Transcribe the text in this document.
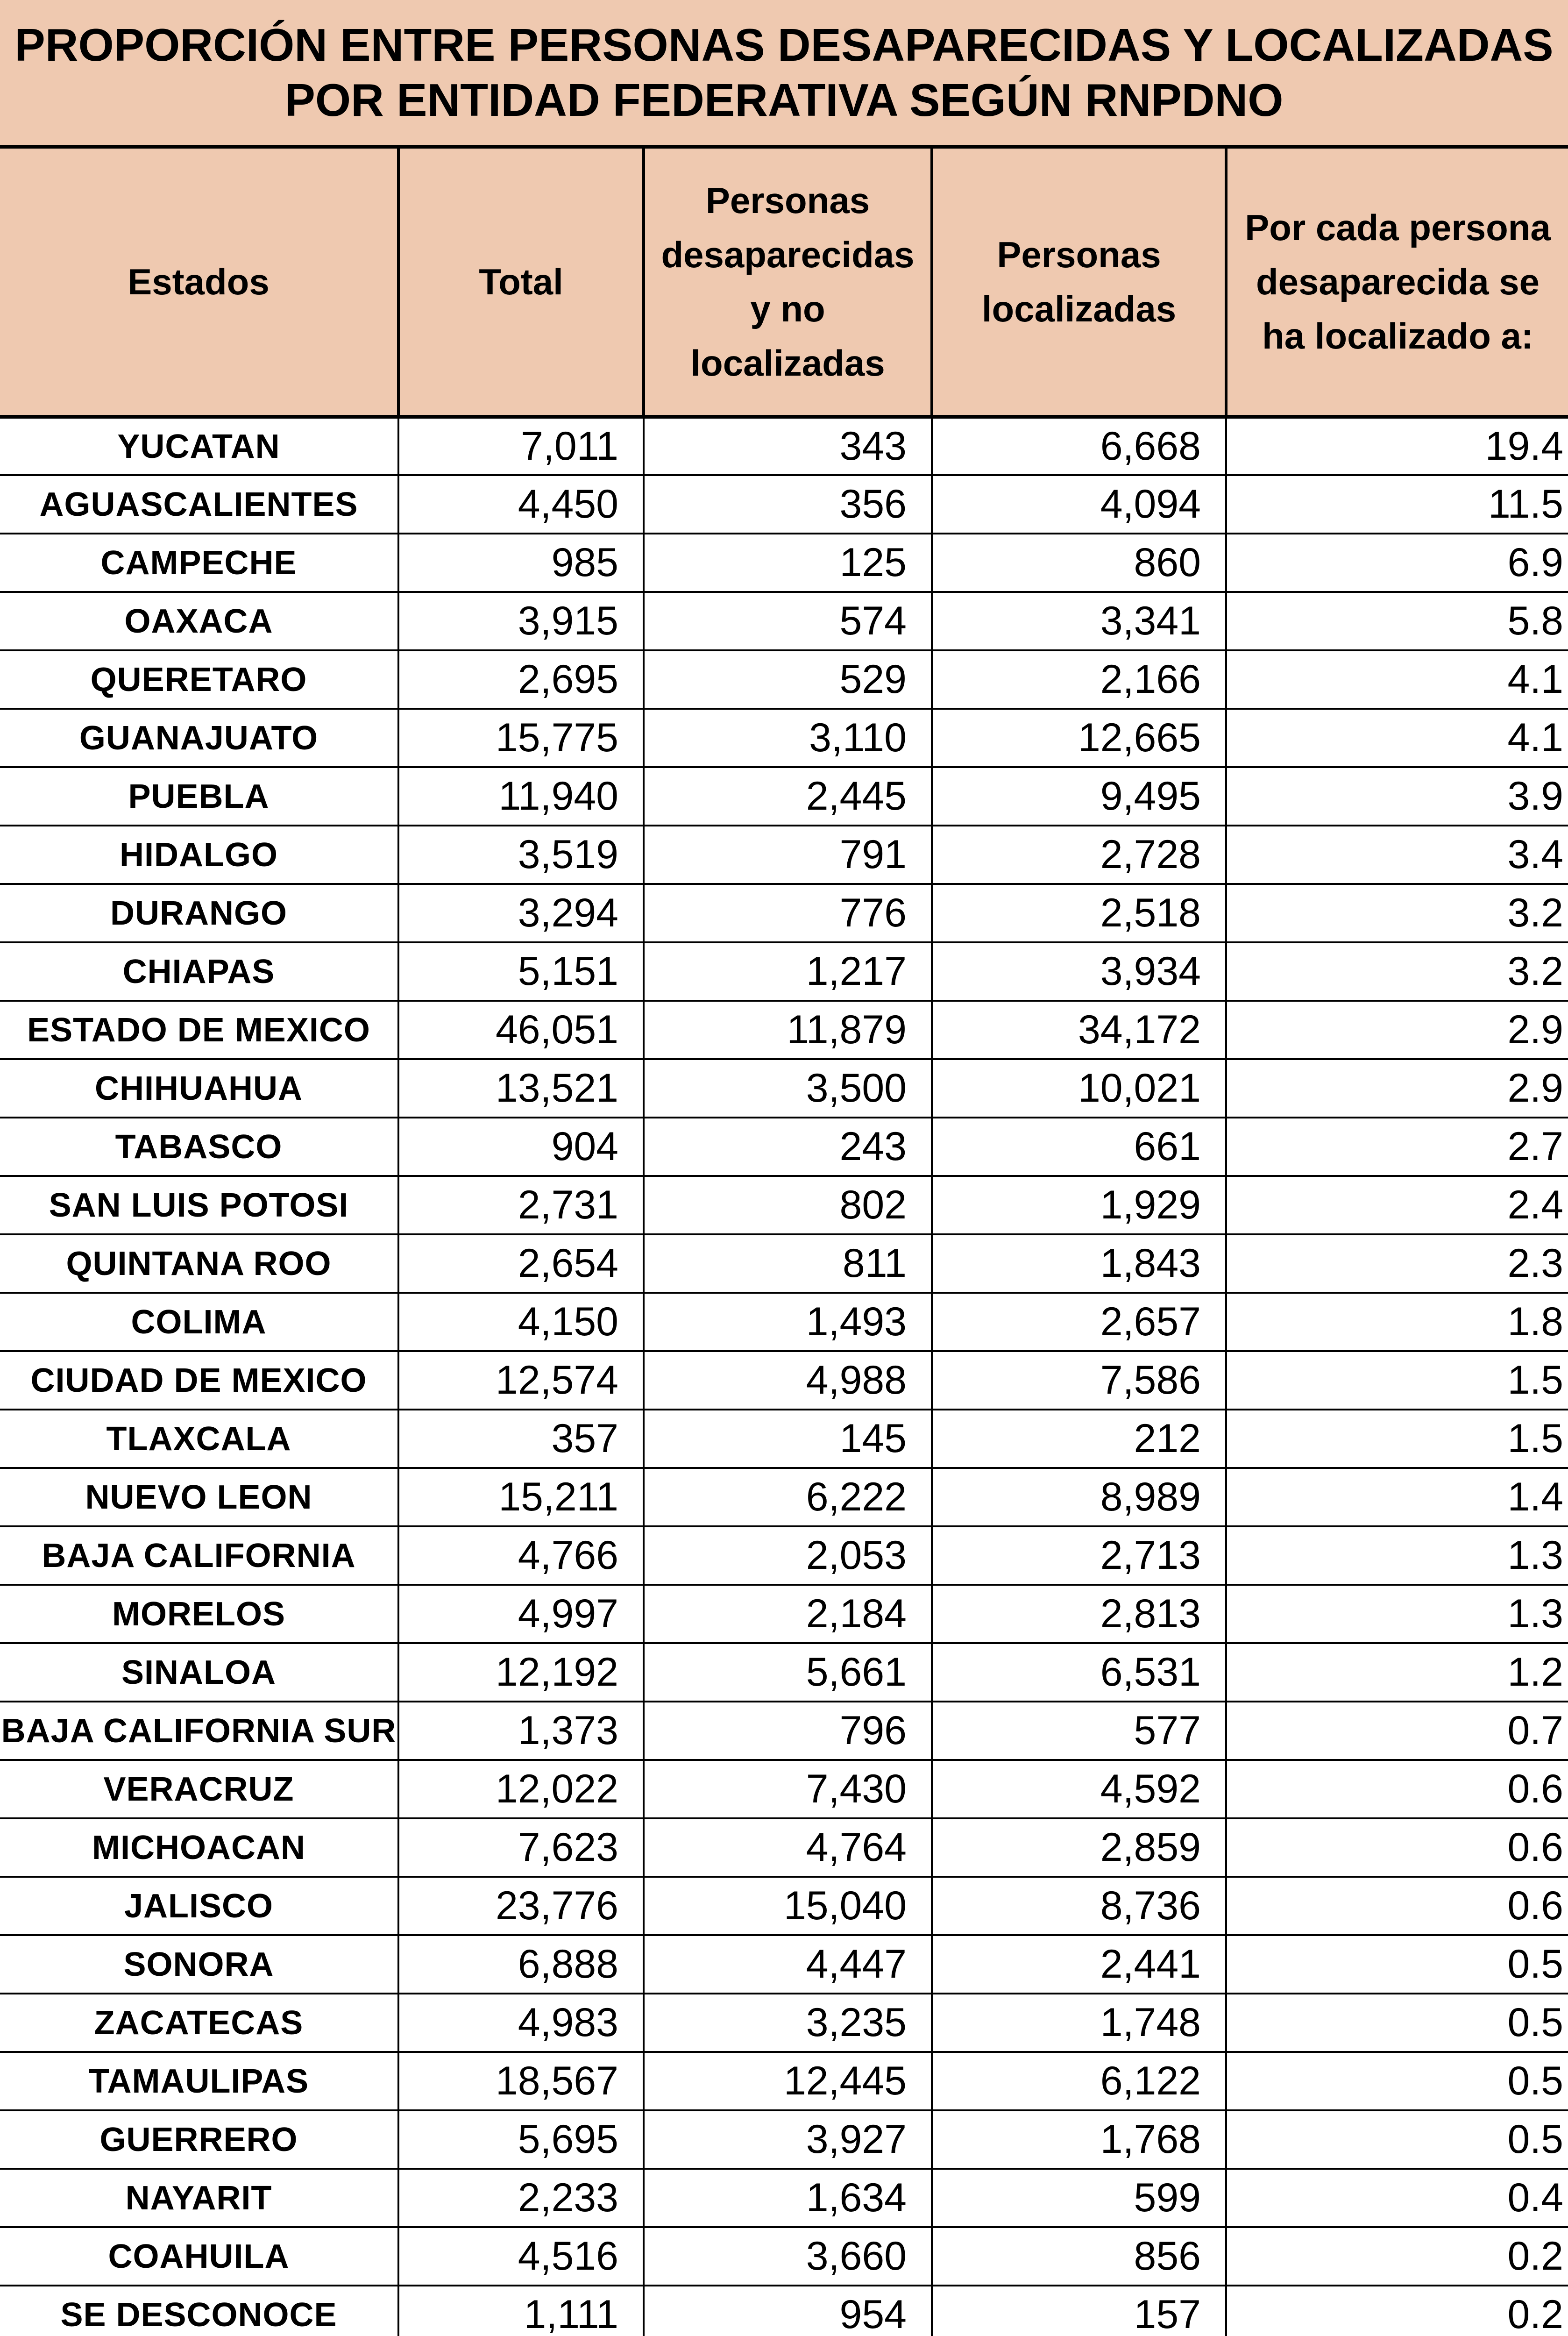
PROPORCIÓN ENTRE PERSONAS DESAPARECIDAS Y LOCALIZADAS
POR ENTIDAD FEDERATIVA SEGÚN RNPDNO
Estados	Total	Personas desaparecidas y no localizadas	Personas localizadas	Por cada persona desaparecida se ha localizado a:
YUCATAN	7,011	343	6,668	19.4
AGUASCALIENTES	4,450	356	4,094	11.5
CAMPECHE	985	125	860	6.9
OAXACA	3,915	574	3,341	5.8
QUERETARO	2,695	529	2,166	4.1
GUANAJUATO	15,775	3,110	12,665	4.1
PUEBLA	11,940	2,445	9,495	3.9
HIDALGO	3,519	791	2,728	3.4
DURANGO	3,294	776	2,518	3.2
CHIAPAS	5,151	1,217	3,934	3.2
ESTADO DE MEXICO	46,051	11,879	34,172	2.9
CHIHUAHUA	13,521	3,500	10,021	2.9
TABASCO	904	243	661	2.7
SAN LUIS POTOSI	2,731	802	1,929	2.4
QUINTANA ROO	2,654	811	1,843	2.3
COLIMA	4,150	1,493	2,657	1.8
CIUDAD DE MEXICO	12,574	4,988	7,586	1.5
TLAXCALA	357	145	212	1.5
NUEVO LEON	15,211	6,222	8,989	1.4
BAJA CALIFORNIA	4,766	2,053	2,713	1.3
MORELOS	4,997	2,184	2,813	1.3
SINALOA	12,192	5,661	6,531	1.2
BAJA CALIFORNIA SUR	1,373	796	577	0.7
VERACRUZ	12,022	7,430	4,592	0.6
MICHOACAN	7,623	4,764	2,859	0.6
JALISCO	23,776	15,040	8,736	0.6
SONORA	6,888	4,447	2,441	0.5
ZACATECAS	4,983	3,235	1,748	0.5
TAMAULIPAS	18,567	12,445	6,122	0.5
GUERRERO	5,695	3,927	1,768	0.5
NAYARIT	2,233	1,634	599	0.4
COAHUILA	4,516	3,660	856	0.2
SE DESCONOCE	1,111	954	157	0.2
